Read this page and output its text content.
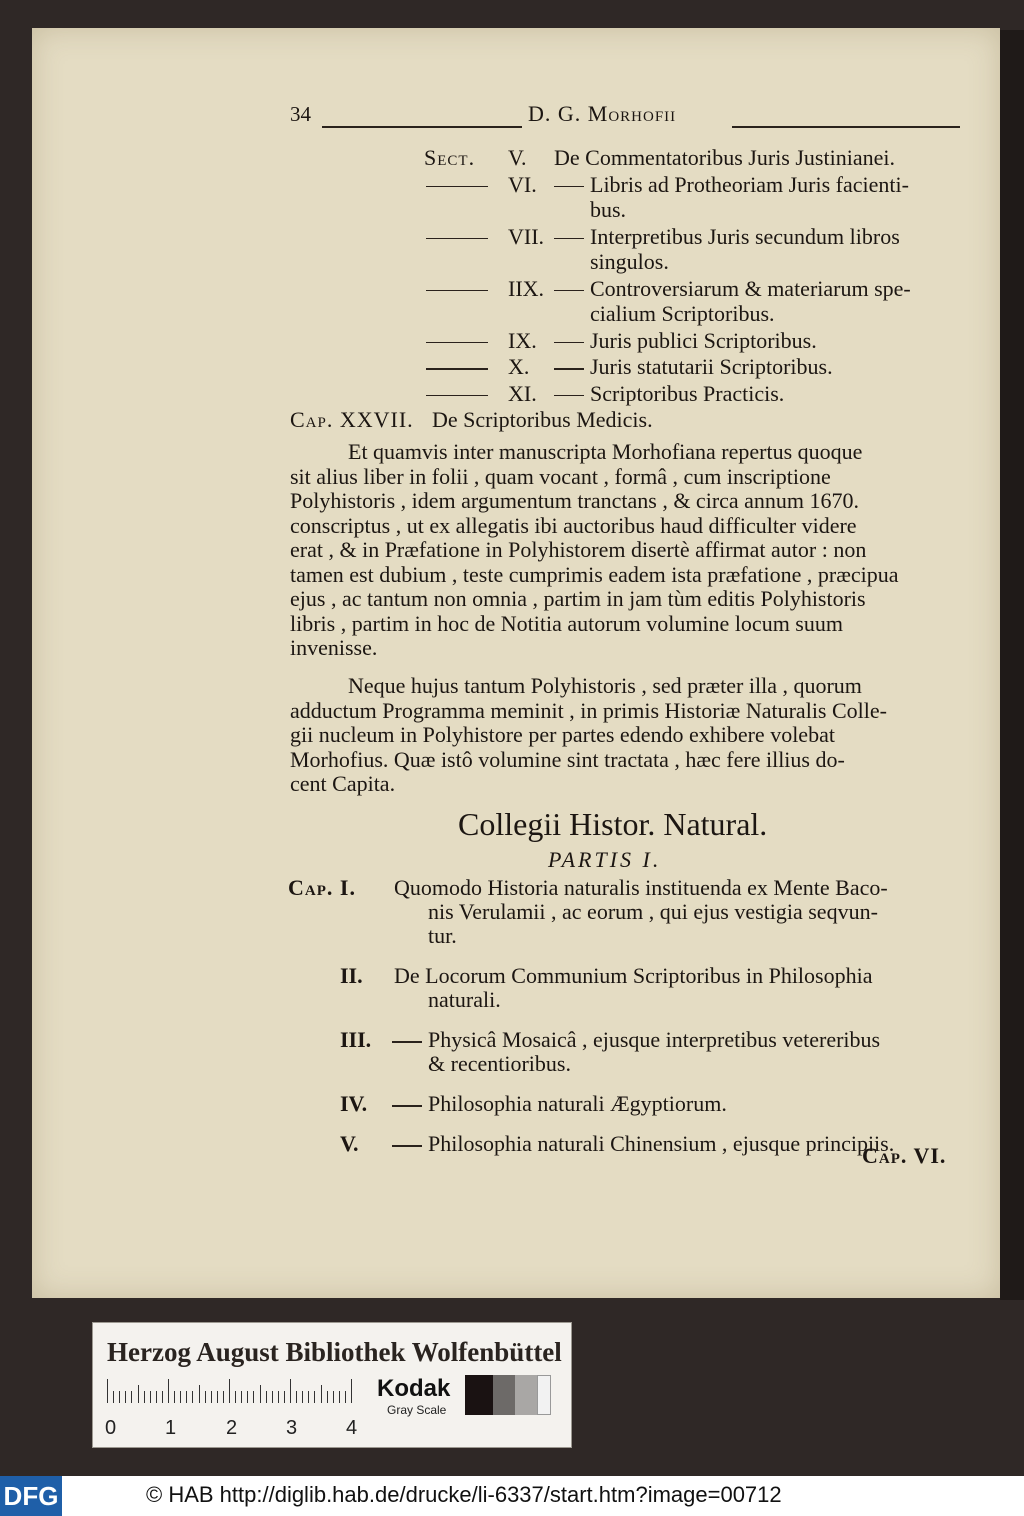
34	D. G. Morhofii
Sect. V. De Commentatoribus Juris Justinianei.
VI. Libris ad Protheoriam Juris facienti-
bus.
VII. Interpretibus Juris secundum libros
singulos.
IIX. Controversiarum & materiarum spe-
cialium Scriptoribus.
IX. Juris publici Scriptoribus.
X.	Juris statutarii Scriptoribus.
XI. Scriptoribus Practicis.
Cap. XXVII. De Scriptoribus Medicis.
Et quamvis inter manuscripta Morhofiana repertus quoque
sit alius liber in folii , quam vocant , formâ , cum inscriptione
Polyhistoris , idem argumentum tranctans , & circa annum 1670.
conscriptus , ut ex allegatis ibi auctoribus haud difficulter videre
erat , & in Præfatione in Polyhistorem disertè affirmat autor : non
tamen est dubium , teste cumprimis eadem ista præfatione , præcipua
ejus , ac tantum non omnia , partim in jam tùm editis Polyhistoris
libris , partim in hoc de Notitia autorum volumine locum suum
invenisse.
Neque hujus tantum Polyhistoris , sed præter illa , quorum
adductum Programma meminit , in primis Historiæ Naturalis Colle-
gii nucleum in Polyhistore per partes edendo exhibere volebat
Morhofius. Quæ istô volumine sint tractata , hæc fere illius do-
cent Capita.
Collegii Histor. Natural.
PARTIS I.
Cap. I. Quomodo Historia naturalis instituenda ex Mente Baco-
nis Verulamii , ac eorum , qui ejus vestigia seqvun-
tur.
II. De Locorum Communium Scriptoribus in Philosophia
naturali.
III.	Physicâ Mosaicâ , ejusque interpretibus vetereribus
& recentioribus.
IV.	Philosophia naturali Ægyptiorum.
V.	Philosophia naturali Chinensium , ejusque principiis.
Cap. VI.
Herzog August Bibliothek Wolfenbüttel
0 1 2 3 4
Kodak
Gray Scale
DFG	© HAB http://diglib.hab.de/drucke/li-6337/start.htm?image=00712
